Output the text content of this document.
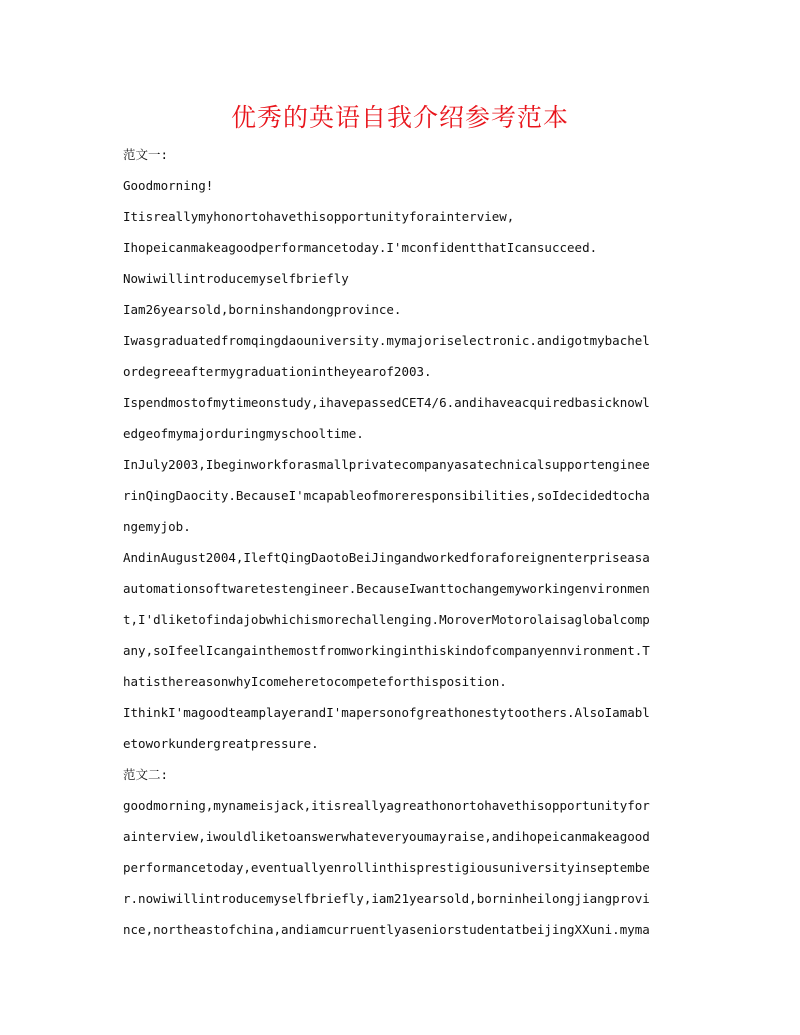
优秀的英语自我介绍参考范本
范文一:
Goodmorning!
Itisreallymyhonortohavethisopportunityforainterview,
Ihopeicanmakeagoodperformancetoday.I'mconfidentthatIcansucceed.
Nowiwillintroducemyselfbriefly
Iam26yearsold,borninshandongprovince.
Iwasgraduatedfromqingdaouniversity.mymajoriselectronic.andigotmybachel
ordegreeaftermygraduationintheyearof2003.
Ispendmostofmytimeonstudy,ihavepassedCET4/6.andihaveacquiredbasicknowl
edgeofmymajorduringmyschooltime.
InJuly2003,Ibeginworkforasmallprivatecompanyasatechnicalsupportenginee
rinQingDaocity.BecauseI'mcapableofmoreresponsibilities,soIdecidedtocha
ngemyjob.
AndinAugust2004,IleftQingDaotoBeiJingandworkedforaforeignenterpriseasa
automationsoftwaretestengineer.BecauseIwanttochangemyworkingenvironmen
t,I'dliketofindajobwhichismorechallenging.MoroverMotorolaisaglobalcomp
any,soIfeelIcangainthemostfromworkinginthiskindofcompanyennvironment.T
hatisthereasonwhyIcomeheretocompeteforthisposition.
IthinkI'magoodteamplayerandI'mapersonofgreathonestytoothers.AlsoIamabl
etoworkundergreatpressure.
范文二:
goodmorning,mynameisjack,itisreallyagreathonortohavethisopportunityfor
ainterview,iwouldliketoanswerwhateveryoumayraise,andihopeicanmakeagood
performancetoday,eventuallyenrollinthisprestigiousuniversityinseptembe
r.nowiwillintroducemyselfbriefly,iam21yearsold,borninheilongjiangprovi
nce,northeastofchina,andiamcurruentlyaseniorstudentatbeijingXXuni.myma
